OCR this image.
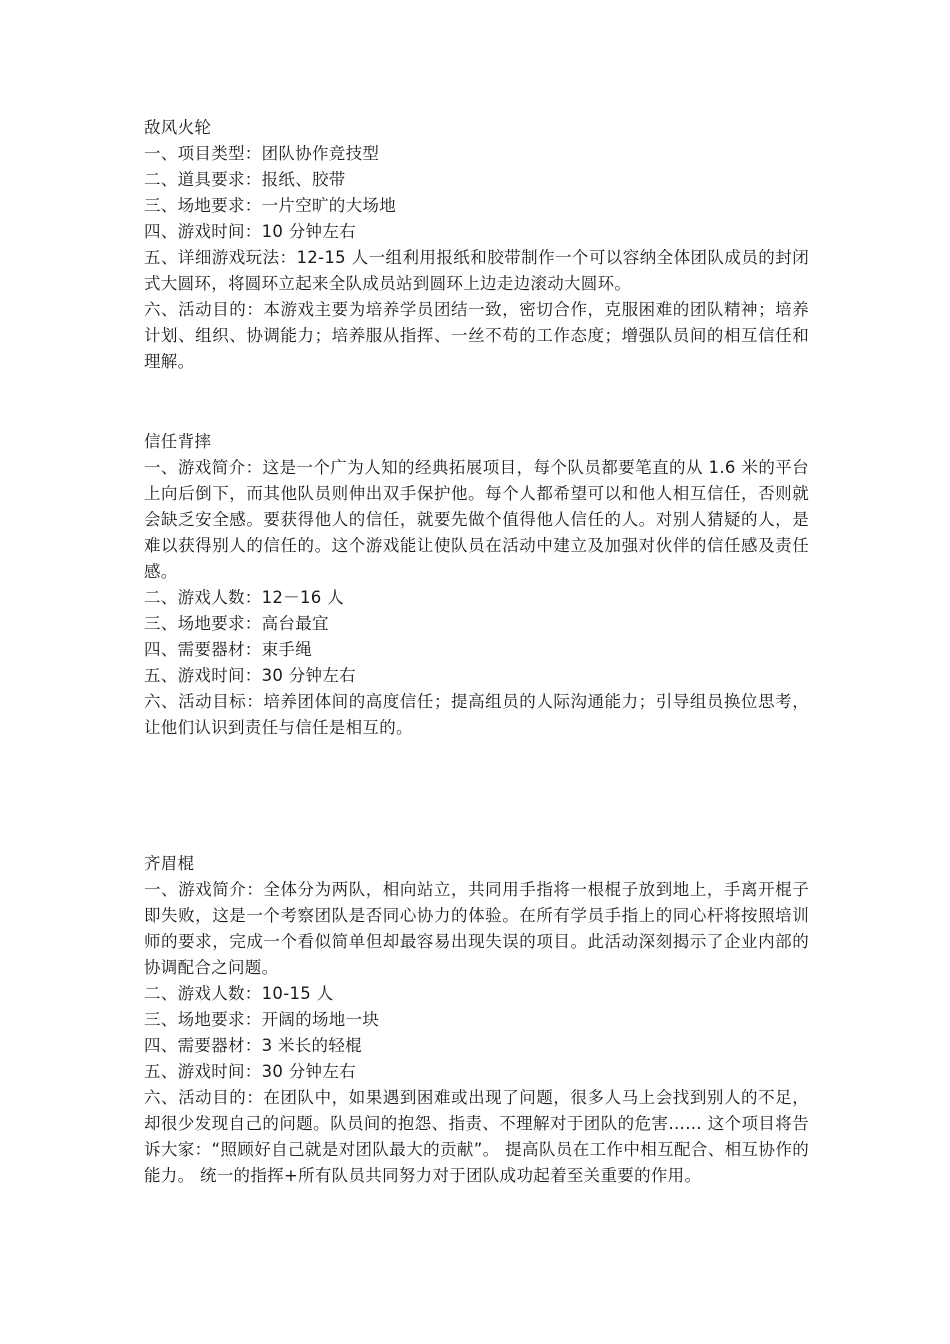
敌风火轮
一、项目类型：团队协作竞技型
二、道具要求：报纸、胶带
三、场地要求：一片空旷的大场地
四、游戏时间：10 分钟左右
五、详细游戏玩法：12-15 人一组利用报纸和胶带制作一个可以容纳全体团队成员的封闭式大圆环，将圆环立起来全队成员站到圆环上边走边滚动大圆环。
六、活动目的：本游戏主要为培养学员团结一致，密切合作，克服困难的团队精神；培养计划、组织、协调能力；培养服从指挥、一丝不苟的工作态度；增强队员间的相互信任和理解。
信任背摔
一、游戏简介：这是一个广为人知的经典拓展项目，每个队员都要笔直的从 1.6 米的平台上向后倒下，而其他队员则伸出双手保护他。每个人都希望可以和他人相互信任，否则就会缺乏安全感。要获得他人的信任，就要先做个值得他人信任的人。对别人猜疑的人，是难以获得别人的信任的。这个游戏能让使队员在活动中建立及加强对伙伴的信任感及责任感。
二、游戏人数：12－16 人
三、场地要求：高台最宜
四、需要器材：束手绳
五、游戏时间：30 分钟左右
六、活动目标：培养团体间的高度信任；提高组员的人际沟通能力；引导组员换位思考，让他们认识到责任与信任是相互的。
齐眉棍
一、游戏简介：全体分为两队，相向站立，共同用手指将一根棍子放到地上，手离开棍子即失败，这是一个考察团队是否同心协力的体验。在所有学员手指上的同心杆将按照培训师的要求，完成一个看似简单但却最容易出现失误的项目。此活动深刻揭示了企业内部的协调配合之问题。
二、游戏人数：10-15 人
三、场地要求：开阔的场地一块
四、需要器材：3 米长的轻棍
五、游戏时间：30 分钟左右
六、活动目的：在团队中，如果遇到困难或出现了问题，很多人马上会找到别人的不足，却很少发现自己的问题。队员间的抱怨、指责、不理解对于团队的危害…… 这个项目将告诉大家：“照顾好自己就是对团队最大的贡献”。 提高队员在工作中相互配合、相互协作的能力。 统一的指挥+所有队员共同努力对于团队成功起着至关重要的作用。
